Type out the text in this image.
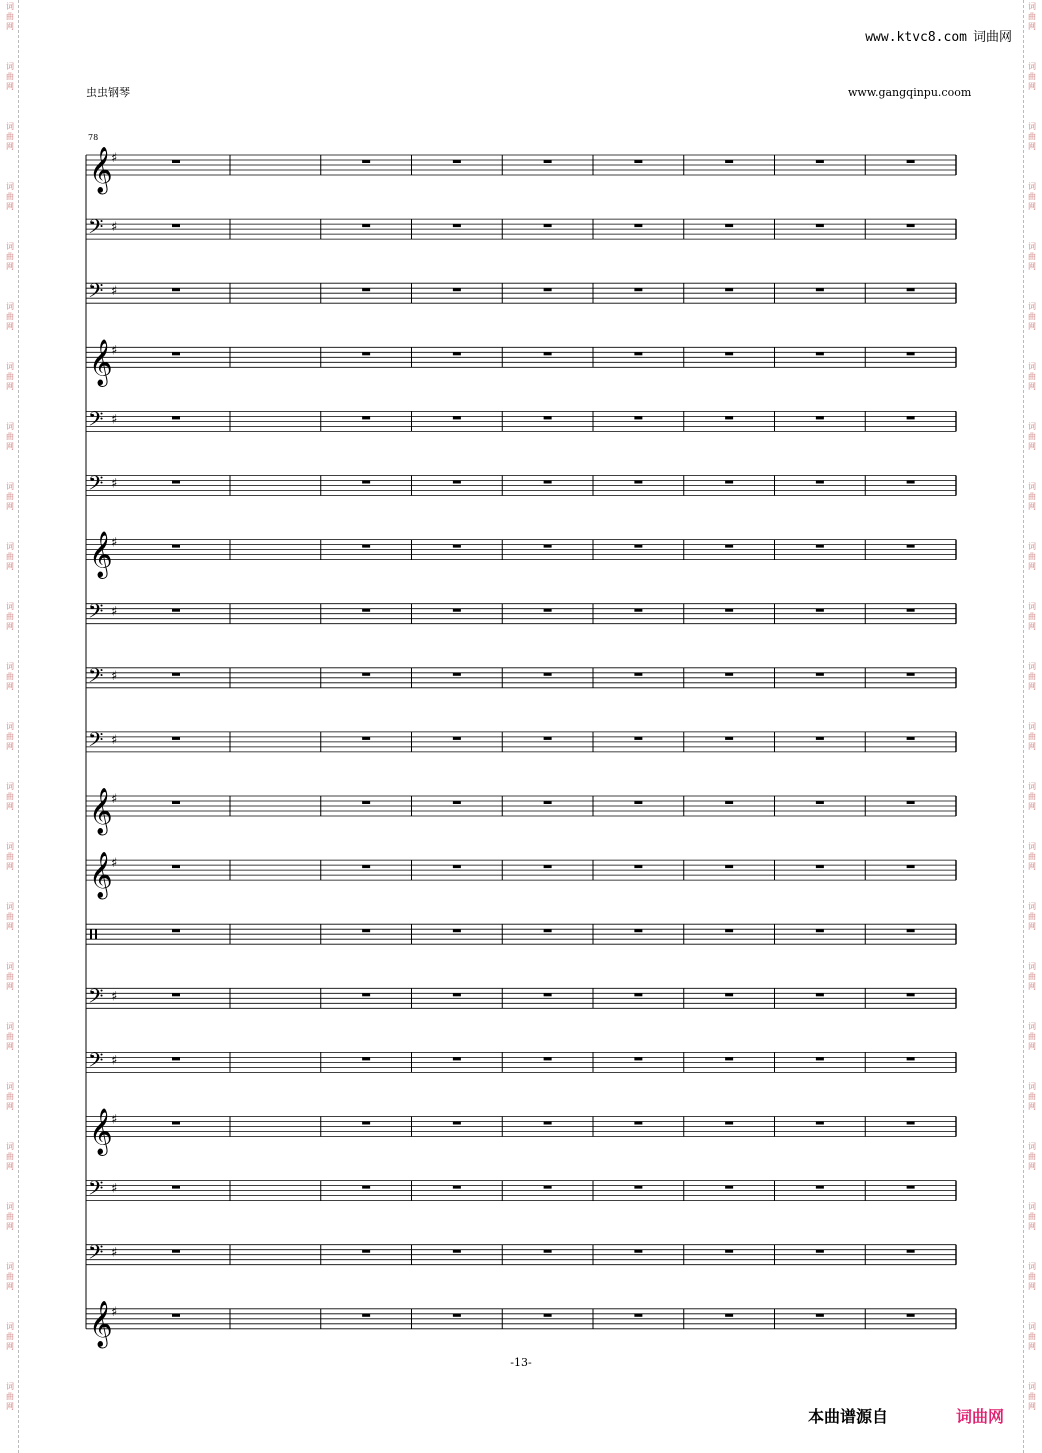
词
曲
网
词
曲
网
词
曲
网
词
曲
网
词
曲
网
词
曲
网
词
曲
网
词
曲
网
词
曲
网
词
曲
网
词
曲
网
词
曲
网
词
曲
网
词
曲
网
词
曲
网
词
曲
网
词
曲
网
词
曲
网
词
曲
网
词
曲
网
词
曲
网
词
曲
网
词
曲
网
词
曲
网
词
曲
网
词
曲
网
词
曲
网
词
曲
网
词
曲
网
词
曲
网
词
曲
网
词
曲
网
词
曲
网
词
曲
网
词
曲
网
词
曲
网
词
曲
网
词
曲
网
词
曲
网
词
曲
网
词
曲
网
词
曲
网
词
曲
网
词
曲
网
词
曲
网
词
曲
网
词
曲
网
词
曲
网
www.ktvc8.com 词曲网
虫虫钢琴	www.gangqinpu.coom
78
𝄞
♯
𝄢 ♯
𝄢 ♯
𝄞
♯
𝄢 ♯
𝄢 ♯
𝄞
♯
𝄢 ♯
𝄢 ♯
𝄢 ♯
𝄞
♯
𝄞
♯
𝄢 ♯
𝄢 ♯
𝄞
♯
𝄢 ♯
𝄢 ♯
𝄞
♯
-13-
本曲谱源自	词曲网
